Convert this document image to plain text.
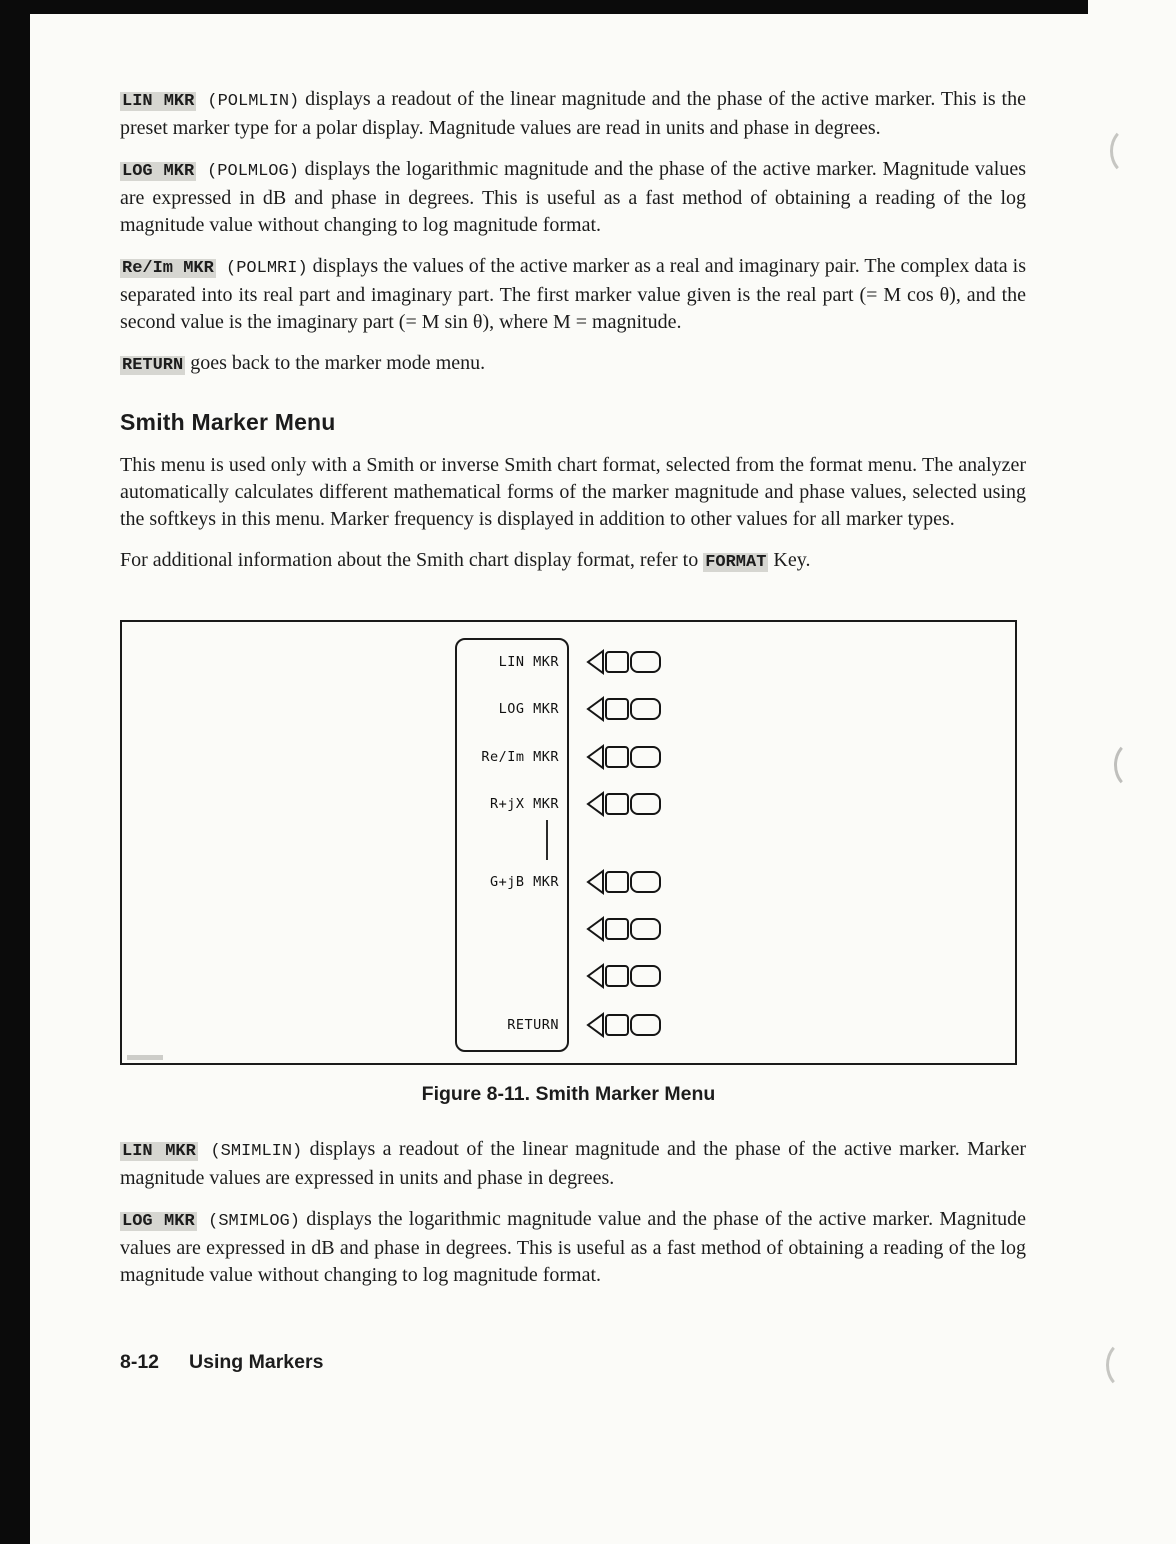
LIN MKR (POLMLIN) displays a readout of the linear magnitude and the phase of the active marker. This is the preset marker type for a polar display. Magnitude values are read in units and phase in degrees.

LOG MKR (POLMLOG) displays the logarithmic magnitude and the phase of the active marker. Magnitude values are expressed in dB and phase in degrees. This is useful as a fast method of obtaining a reading of the log magnitude value without changing to log magnitude format.

Re/Im MKR (POLMRI) displays the values of the active marker as a real and imaginary pair. The complex data is separated into its real part and imaginary part. The first marker value given is the real part (= M cos θ), and the second value is the imaginary part (= M sin θ), where M = magnitude.

RETURN goes back to the marker mode menu.

Smith Marker Menu

This menu is used only with a Smith or inverse Smith chart format, selected from the format menu. The analyzer automatically calculates different mathematical forms of the marker magnitude and phase values, selected using the softkeys in this menu. Marker frequency is displayed in addition to other values for all marker types.

For additional information about the Smith chart display format, refer to FORMAT Key.

LIN MKR
LOG MKR
Re/Im MKR
R+jX MKR
G+jB MKR
RETURN
Figure 8-11. Smith Marker Menu

LIN MKR (SMIMLIN) displays a readout of the linear magnitude and the phase of the active marker. Marker magnitude values are expressed in units and phase in degrees.

LOG MKR (SMIMLOG) displays the logarithmic magnitude value and the phase of the active marker. Magnitude values are expressed in dB and phase in degrees. This is useful as a fast method of obtaining a reading of the log magnitude value without changing to log magnitude format.

8-12 Using Markers
